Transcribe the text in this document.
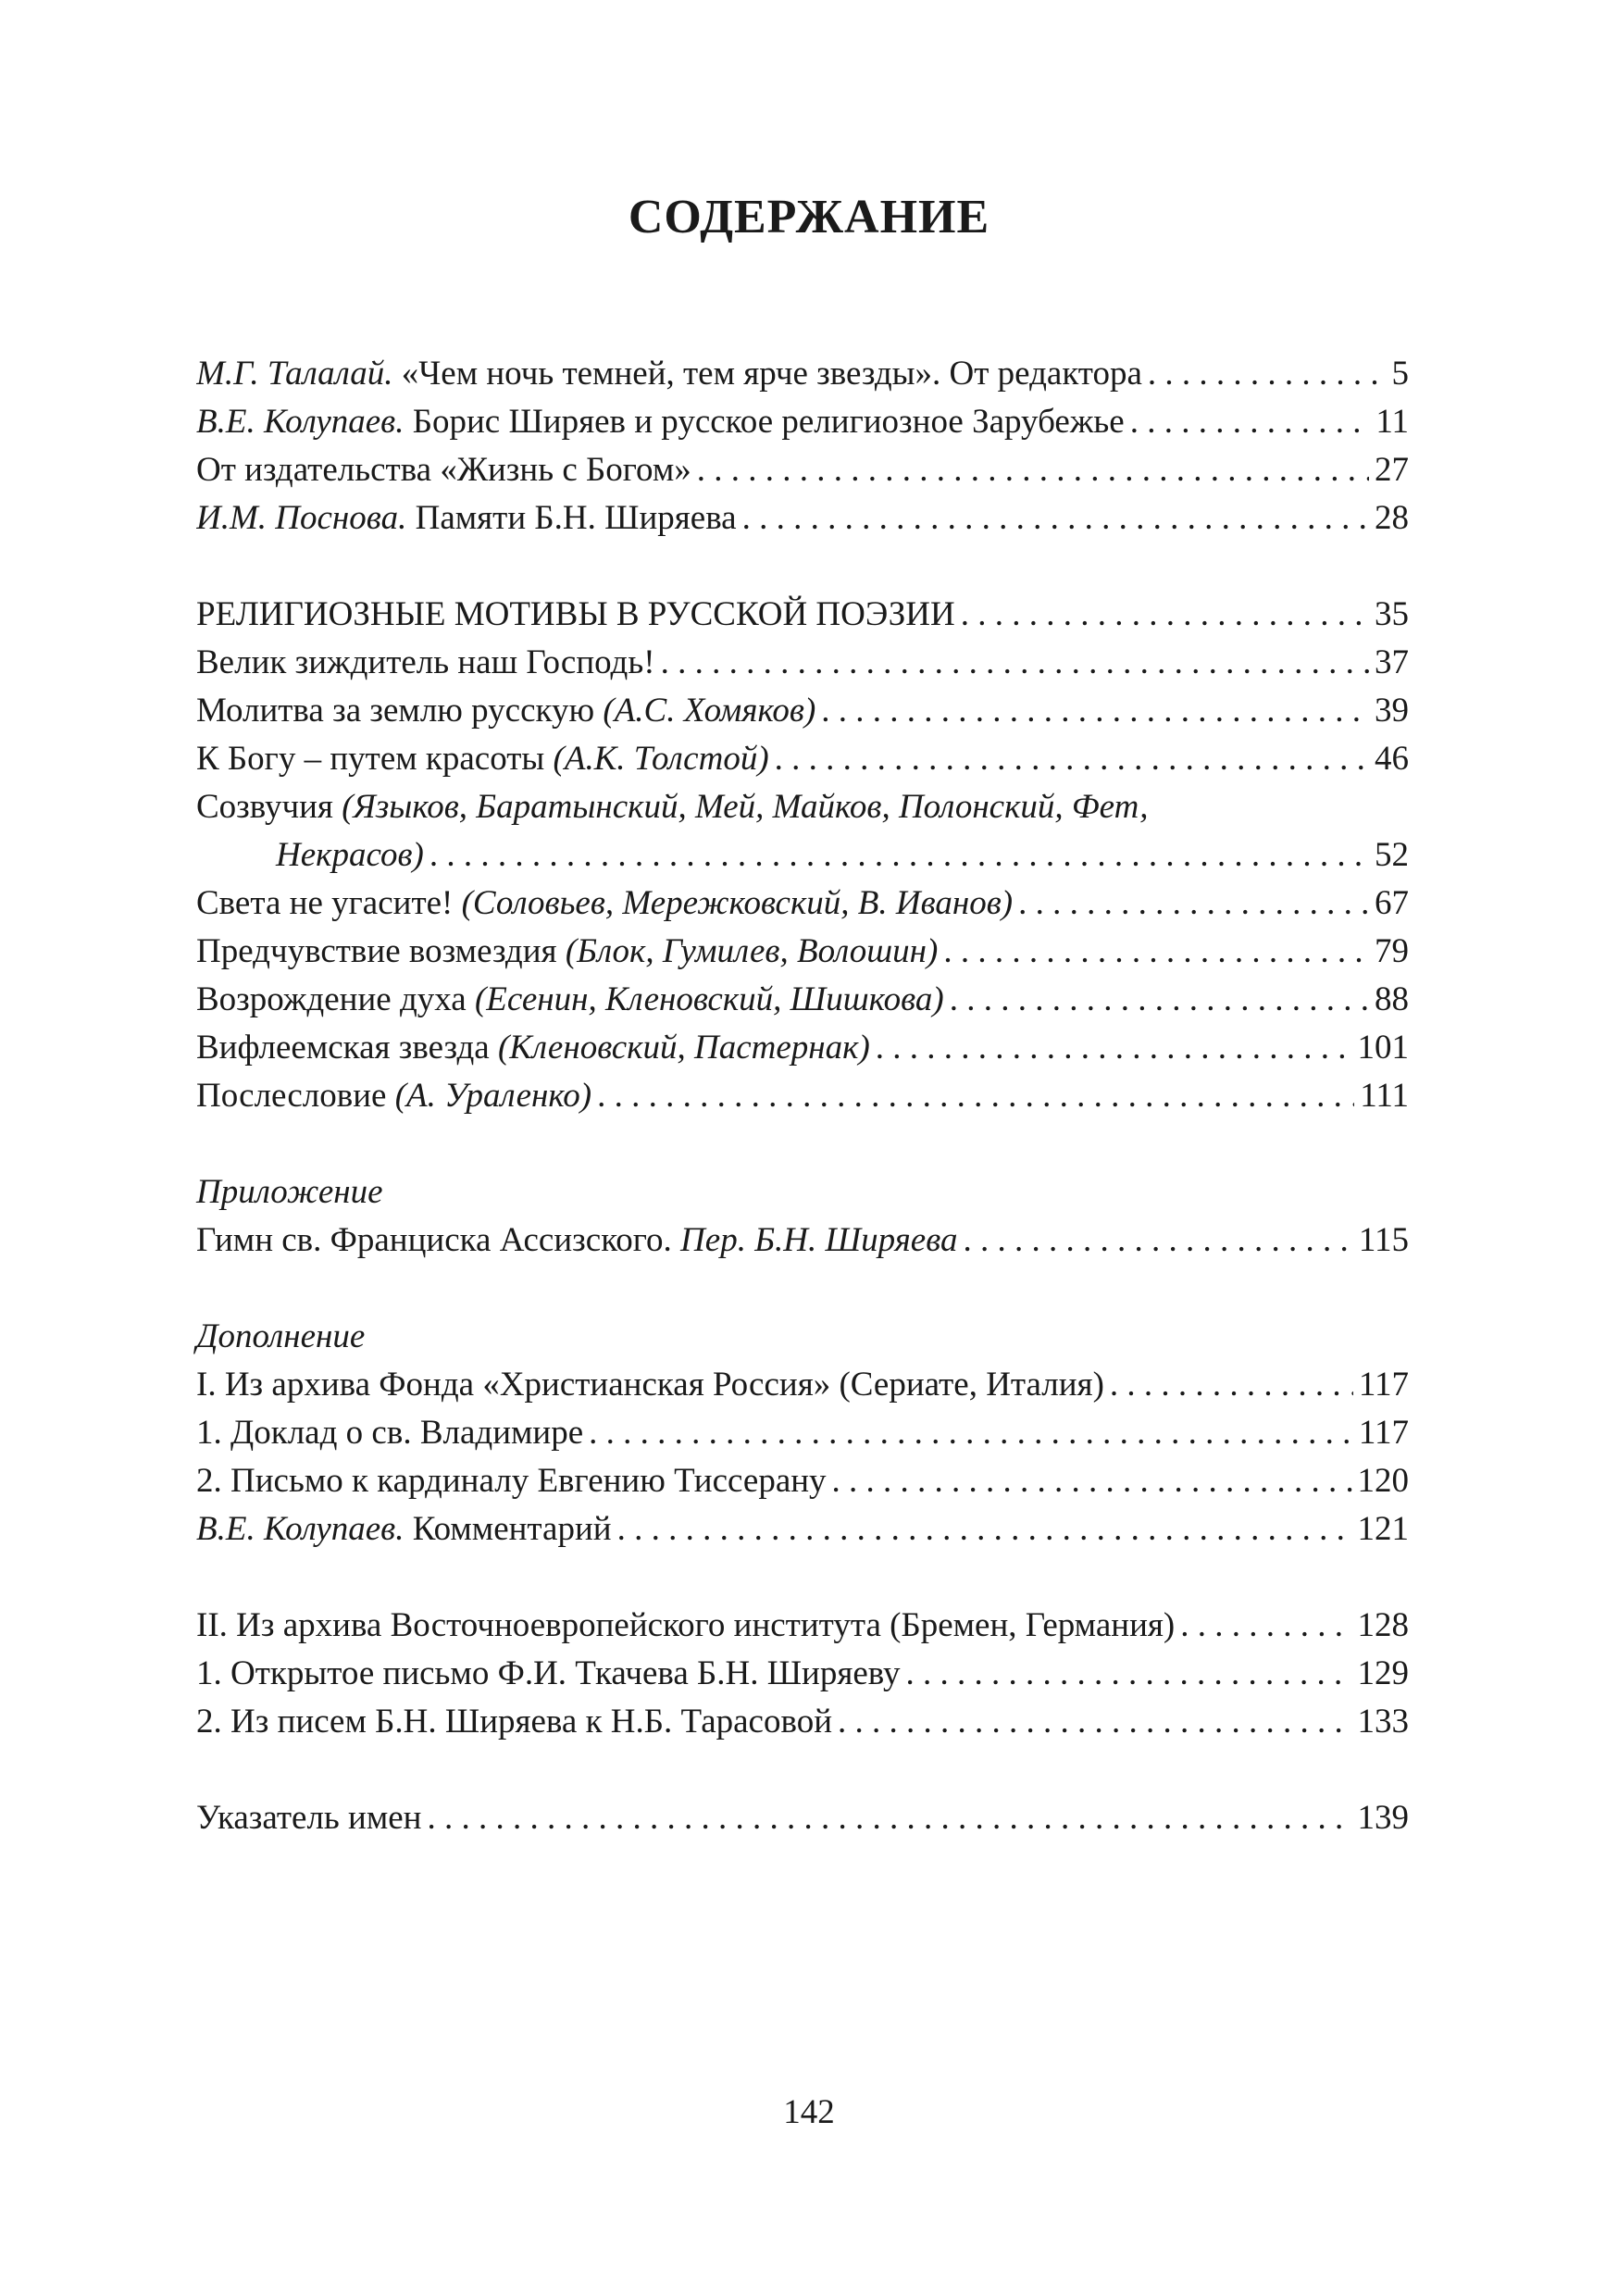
СОДЕРЖАНИЕ
М.Г. Талалай. «Чем ночь темней, тем ярче звезды». От редактора . . .	5
В.Е. Колупаев. Борис Ширяев и русское религиозное Зарубежье . . .	11
От издательства «Жизнь с Богом» . . .	27
И.М. Поснова. Памяти Б.Н. Ширяева . . .	28
РЕЛИГИОЗНЫЕ МОТИВЫ В РУССКОЙ ПОЭЗИИ . . .	35
Велик зиждитель наш Господь! . . .	37
Молитва за землю русскую (А.С. Хомяков) . . .	39
К Богу – путем красоты (А.К. Толстой) . . .	46
Созвучия (Языков, Баратынский, Мей, Майков, Полонский, Фет,
Некрасов) . . .	52
Света не угасите! (Соловьев, Мережковский, В. Иванов) . . .	67
Предчувствие возмездия (Блок, Гумилев, Волошин) . . .	79
Возрождение духа (Есенин, Кленовский, Шишкова) . . .	88
Вифлеемская звезда (Кленовский, Пастернак) . . .	101
Послесловие (А. Ураленко) . . .	111
Приложение
Гимн св. Франциска Ассизского. Пер. Б.Н. Ширяева . . .	115
Дополнение
I. Из архива Фонда «Христианская Россия» (Сериате, Италия) . . .	117
1. Доклад о св. Владимире . . .	117
2. Письмо к кардиналу Евгению Тиссерану . . .	120
В.Е. Колупаев. Комментарий . . .	121
II. Из архива Восточноевропейского института (Бремен, Германия) . . .	128
1. Открытое письмо Ф.И. Ткачева Б.Н. Ширяеву . . .	129
2. Из писем Б.Н. Ширяева к Н.Б. Тарасовой . . .	133
Указатель имен . . .	139
142
